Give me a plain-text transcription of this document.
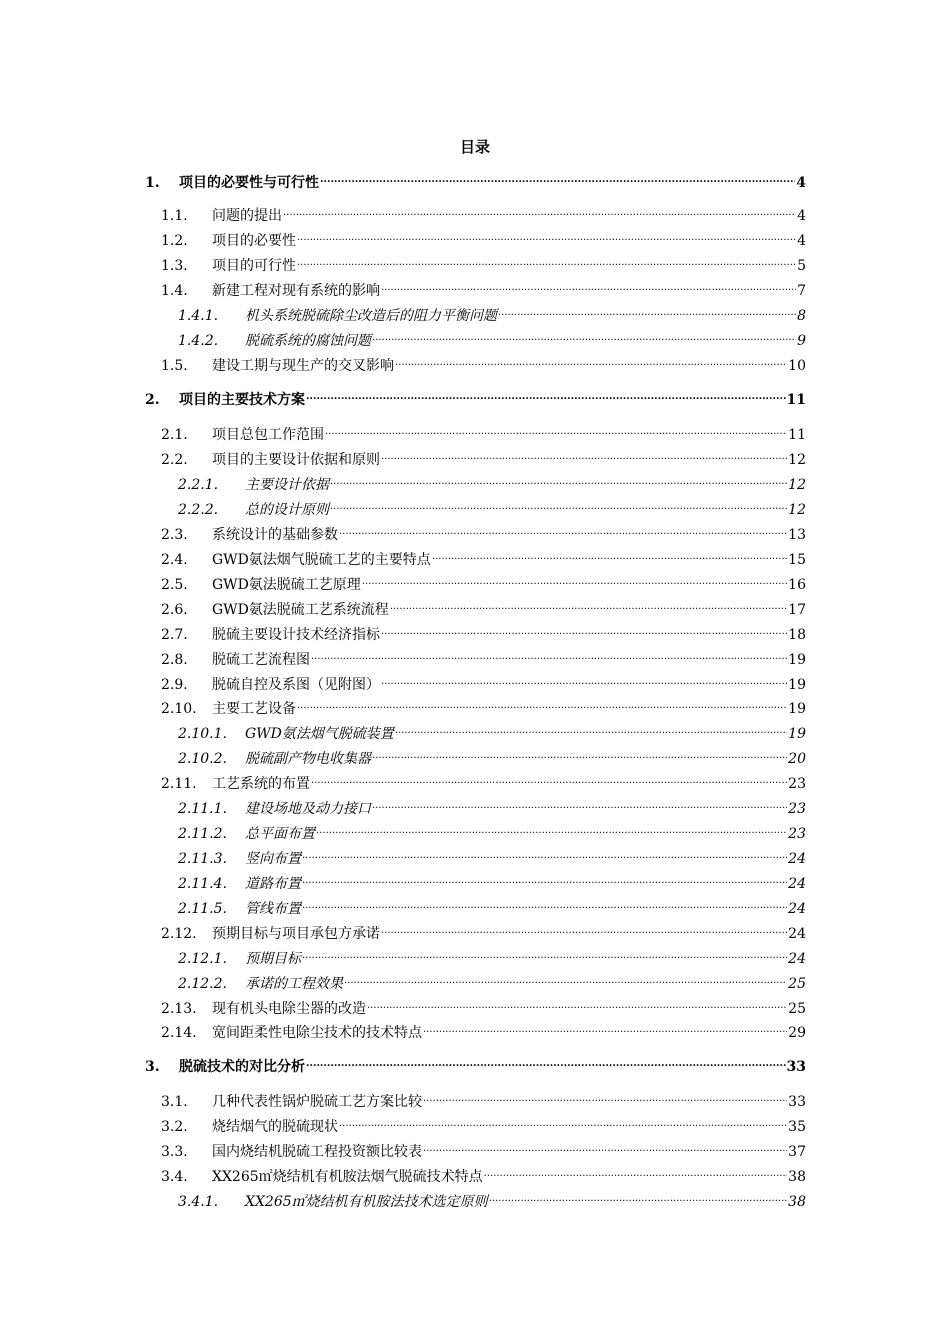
目录
1. 项目的必要性与可行性 .....	4
1.1. 问题的提出 .....	4
1.2. 项目的必要性 .....	4
1.3. 项目的可行性 .....	5
1.4. 新建工程对现有系统的影响 .....	7
1.4.1. 机头系统脱硫除尘改造后的阻力平衡问题 .....	8
1.4.2. 脱硫系统的腐蚀问题 .....	9
1.5. 建设工期与现生产的交叉影响 .....	10
2. 项目的主要技术方案 .....	11
2.1. 项目总包工作范围 .....	11
2.2. 项目的主要设计依据和原则 .....	12
2.2.1. 主要设计依据 .....	12
2.2.2. 总的设计原则 .....	12
2.3. 系统设计的基础参数 .....	13
2.4. GWD氨法烟气脱硫工艺的主要特点 .....	15
2.5. GWD氨法脱硫工艺原理 .....	16
2.6. GWD氨法脱硫工艺系统流程 .....	17
2.7. 脱硫主要设计技术经济指标 .....	18
2.8. 脱硫工艺流程图 .....	19
2.9. 脱硫自控及系图（见附图） .....	19
2.10. 主要工艺设备 .....	19
2.10.1. GWD氨法烟气脱硫装置 .....	19
2.10.2. 脱硫副产物电收集器 .....	20
2.11. 工艺系统的布置 .....	23
2.11.1. 建设场地及动力接口 .....	23
2.11.2. 总平面布置 .....	23
2.11.3. 竖向布置 .....	24
2.11.4. 道路布置 .....	24
2.11.5. 管线布置 .....	24
2.12. 预期目标与项目承包方承诺 .....	24
2.12.1. 预期目标 .....	24
2.12.2. 承诺的工程效果 .....	25
2.13. 现有机头电除尘器的改造 .....	25
2.14. 宽间距柔性电除尘技术的技术特点 .....	29
3. 脱硫技术的对比分析 .....	33
3.1. 几种代表性锅炉脱硫工艺方案比较 .....	33
3.2. 烧结烟气的脱硫现状 .....	35
3.3. 国内烧结机脱硫工程投资额比较表 .....	37
3.4. XX265㎡烧结机有机胺法烟气脱硫技术特点 .....	38
3.4.1. XX265㎡烧结机有机胺法技术选定原则 .....	38
